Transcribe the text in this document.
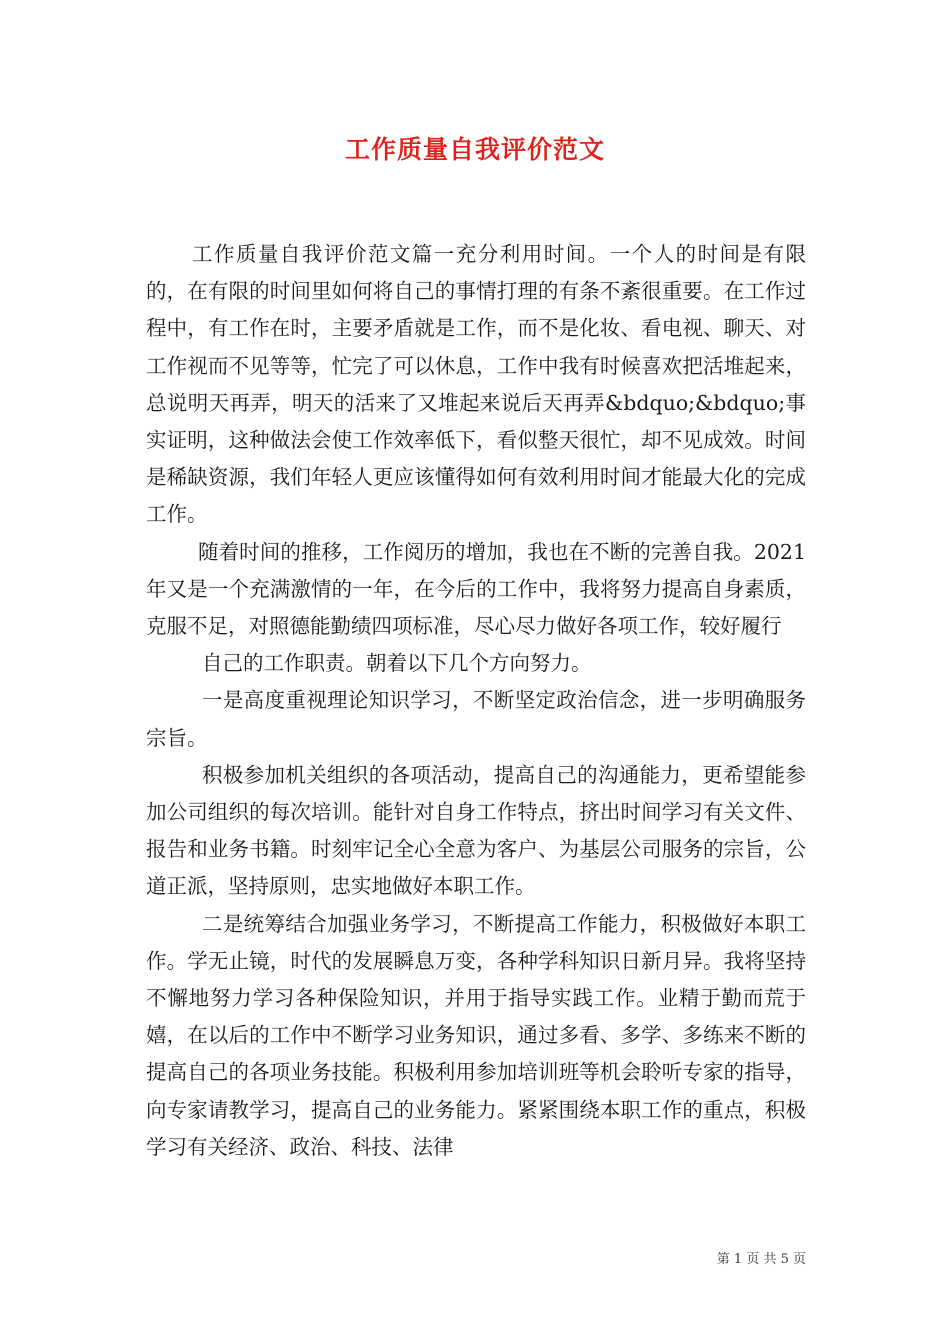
工作质量自我评价范文

工作质量自我评价范文篇一充分利用时间。一个人的时间是有限的，在有限的时间里如何将自己的事情打理的有条不紊很重要。在工作过程中，有工作在时，主要矛盾就是工作，而不是化妆、看电视、聊天、对工作视而不见等等，忙完了可以休息，工作中我有时候喜欢把活堆起来，总说明天再弄，明天的活来了又堆起来说后天再弄&bdquo;&bdquo;事实证明，这种做法会使工作效率低下，看似整天很忙，却不见成效。时间是稀缺资源，我们年轻人更应该懂得如何有效利用时间才能最大化的完成工作。

随着时间的推移，工作阅历的增加，我也在不断的完善自我。2021年又是一个充满激情的一年，在今后的工作中，我将努力提高自身素质，克服不足，对照德能勤绩四项标准，尽心尽力做好各项工作，较好履行

自己的工作职责。朝着以下几个方向努力。

一是高度重视理论知识学习，不断坚定政治信念，进一步明确服务宗旨。

积极参加机关组织的各项活动，提高自己的沟通能力，更希望能参加公司组织的每次培训。能针对自身工作特点，挤出时间学习有关文件、报告和业务书籍。时刻牢记全心全意为客户、为基层公司服务的宗旨，公道正派，坚持原则，忠实地做好本职工作。

二是统筹结合加强业务学习，不断提高工作能力，积极做好本职工作。学无止镜，时代的发展瞬息万变，各种学科知识日新月异。我将坚持不懈地努力学习各种保险知识，并用于指导实践工作。业精于勤而荒于嬉，在以后的工作中不断学习业务知识，通过多看、多学、多练来不断的提高自己的各项业务技能。积极利用参加培训班等机会聆听专家的指导，向专家请教学习，提高自己的业务能力。紧紧围绕本职工作的重点，积极学习有关经济、政治、科技、法律

第 1 页 共 5 页
